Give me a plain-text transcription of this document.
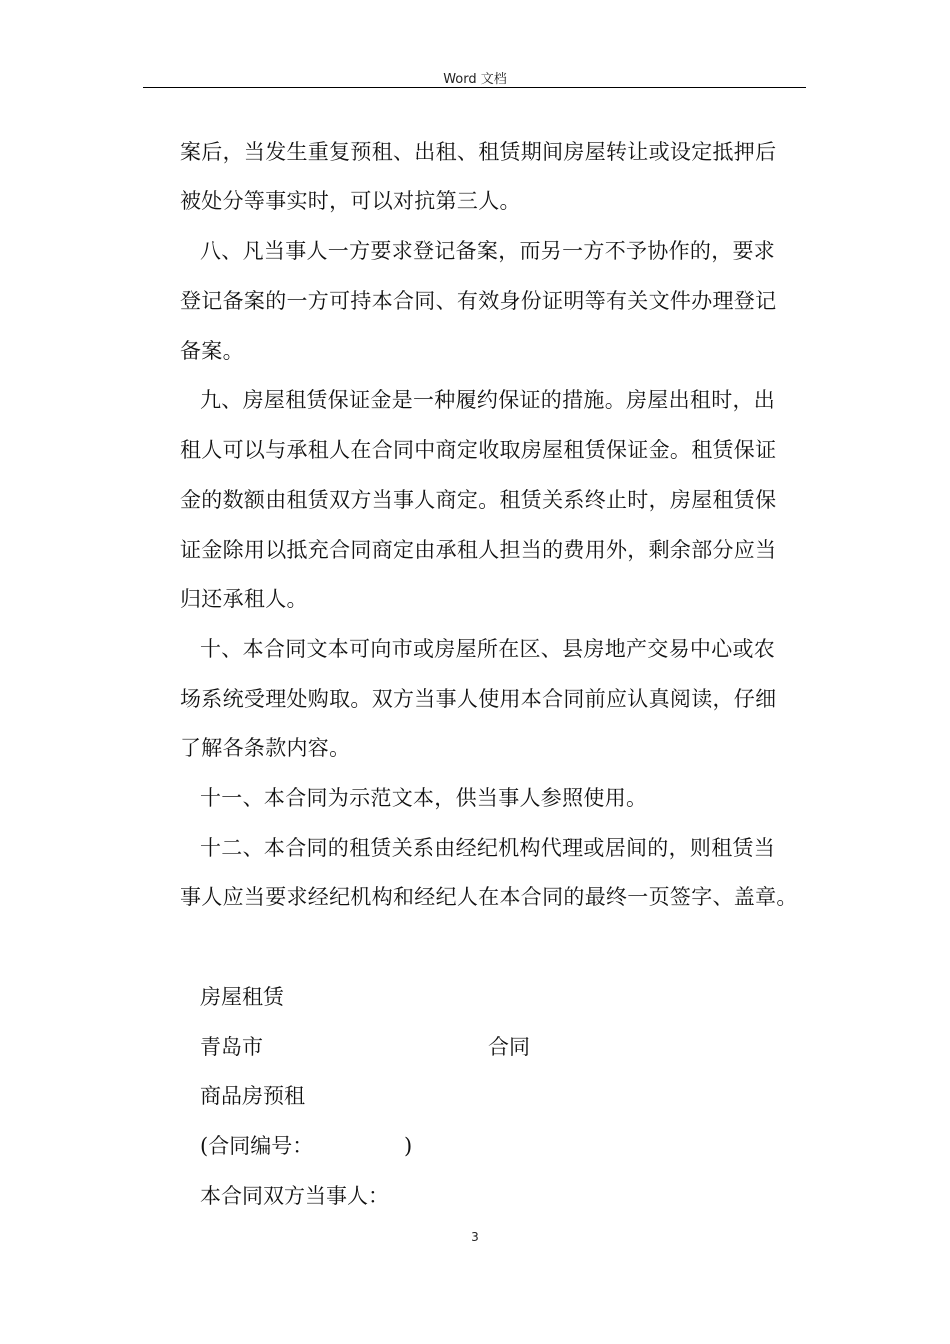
Word 文档
案后，当发生重复预租、出租、租赁期间房屋转让或设定抵押后
被处分等事实时，可以对抗第三人。
八、凡当事人一方要求登记备案，而另一方不予协作的，要求
登记备案的一方可持本合同、有效身份证明等有关文件办理登记
备案。
九、房屋租赁保证金是一种履约保证的措施。房屋出租时，出
租人可以与承租人在合同中商定收取房屋租赁保证金。租赁保证
金的数额由租赁双方当事人商定。租赁关系终止时，房屋租赁保
证金除用以抵充合同商定由承租人担当的费用外，剩余部分应当
归还承租人。
十、本合同文本可向市或房屋所在区、县房地产交易中心或农
场系统受理处购取。双方当事人使用本合同前应认真阅读，仔细
了解各条款内容。
十一、本合同为示范文本，供当事人参照使用。
十二、本合同的租赁关系由经纪机构代理或居间的，则租赁当
事人应当要求经纪机构和经纪人在本合同的最终一页签字、盖章。
房屋租赁
青岛市	合同
商品房预租
(合同编号：	)
本合同双方当事人：
3
